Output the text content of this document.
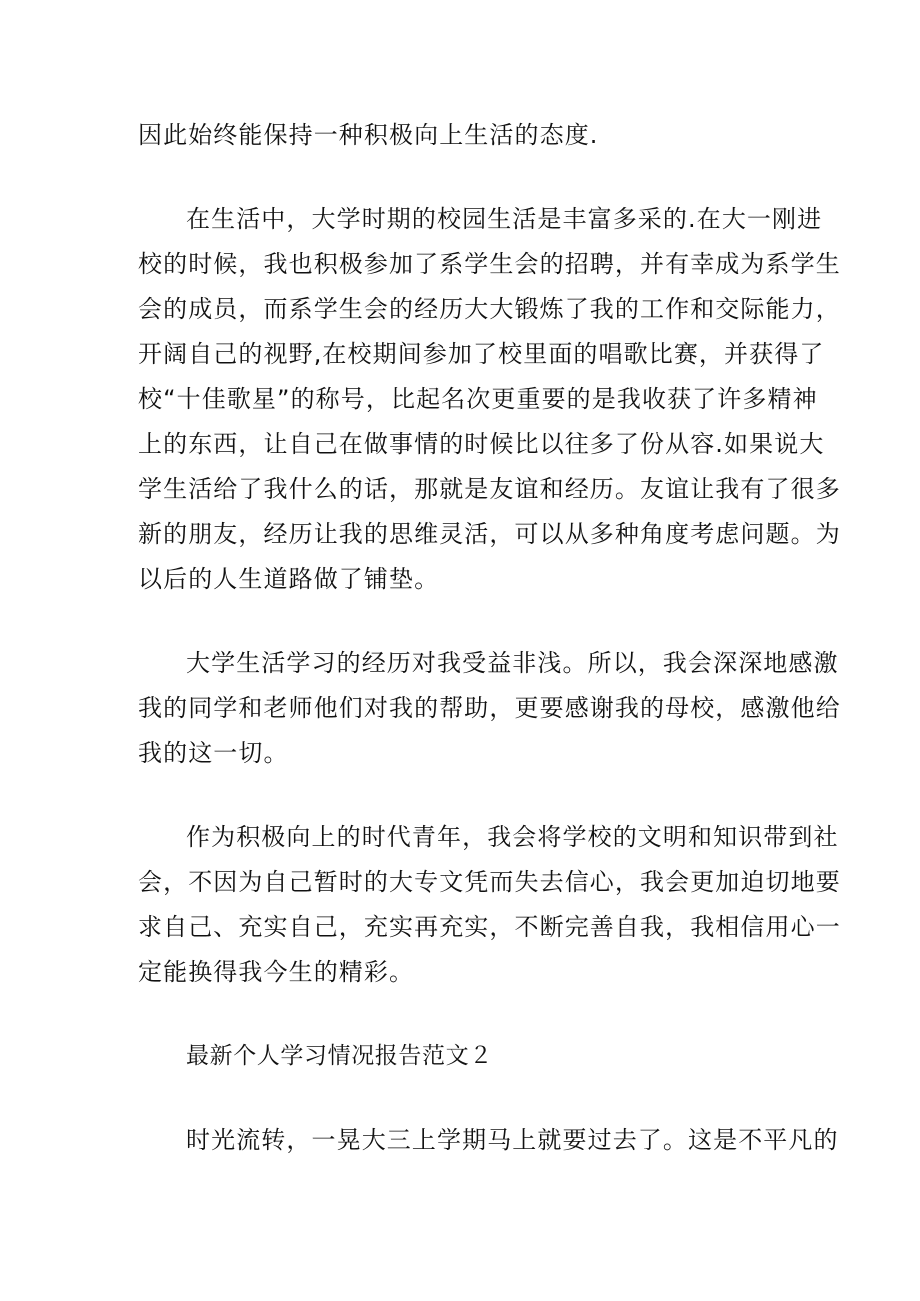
因此始终能保持一种积极向上生活的态度.
在生活中，大学时期的校园生活是丰富多采的.在大一刚进
校的时候，我也积极参加了系学生会的招聘，并有幸成为系学生
会的成员，而系学生会的经历大大锻炼了我的工作和交际能力，
开阔自己的视野,在校期间参加了校里面的唱歌比赛，并获得了
校“十佳歌星”的称号，比起名次更重要的是我收获了许多精神
上的东西，让自己在做事情的时候比以往多了份从容.如果说大
学生活给了我什么的话，那就是友谊和经历。友谊让我有了很多
新的朋友，经历让我的思维灵活，可以从多种角度考虑问题。为
以后的人生道路做了铺垫。
大学生活学习的经历对我受益非浅。所以，我会深深地感激
我的同学和老师他们对我的帮助，更要感谢我的母校，感激他给
我的这一切。
作为积极向上的时代青年，我会将学校的文明和知识带到社
会，不因为自己暂时的大专文凭而失去信心，我会更加迫切地要
求自己、充实自己，充实再充实，不断完善自我，我相信用心一
定能换得我今生的精彩。
最新个人学习情况报告范文２
时光流转，一晃大三上学期马上就要过去了。这是不平凡的
